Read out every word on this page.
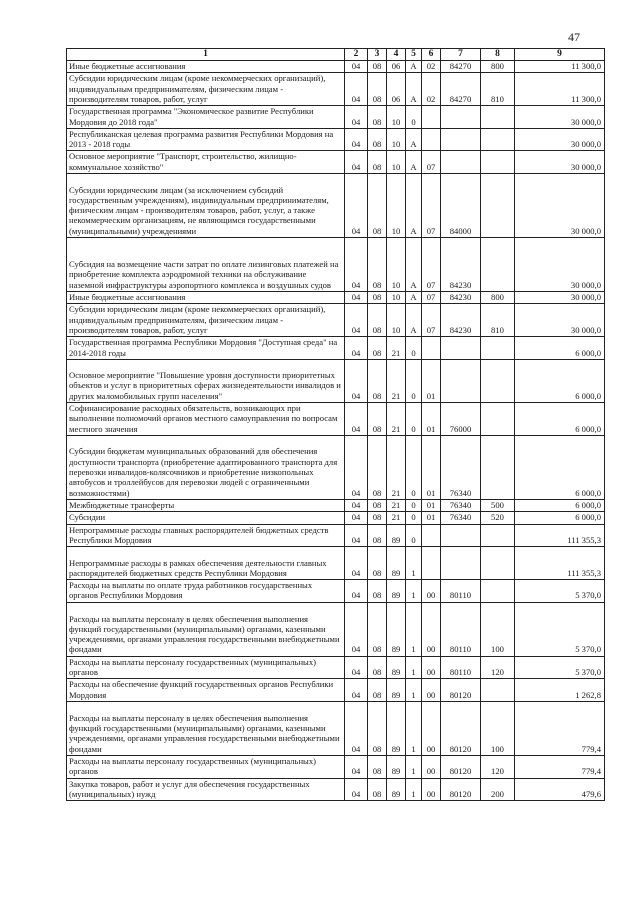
47
1	2	3	4	5	6	7	8	9
Иные бюджетные ассигнования	04	08	06	А	02	84270	800	11 300,0
Субсидии юридическим лицам (кроме некоммерческих организаций), индивидуальным предпринимателям, физическим лицам - производителям товаров, работ, услуг	04	08	06	А	02	84270	810	11 300,0
Государственная программа "Экономическое развитие Республики Мордовия до 2018 года"	04	08	10	0				30 000,0
Республиканская целевая программа развития Республики Мордовия на 2013 - 2018 годы	04	08	10	А				30 000,0
Основное мероприятие "Транспорт, строительство, жилищно-коммунальное хозяйство"	04	08	10	А	07			30 000,0
Субсидии юридическим лицам (за исключением субсидий государственным учреждениям), индивидуальным предпринимателям, физическим лицам - производителям товаров, работ, услуг, а также некоммерческим организациям, не являющимся государственными (муниципальными) учреждениями	04	08	10	А	07	84000		30 000,0
Субсидия на возмещение части затрат по оплате лизинговых платежей на приобретение комплекта аэродромной техники на обслуживание наземной инфраструктуры аэропортного комплекса и воздушных судов	04	08	10	А	07	84230		30 000,0
Иные бюджетные ассигнования	04	08	10	А	07	84230	800	30 000,0
Субсидии юридическим лицам (кроме некоммерческих организаций), индивидуальным предпринимателям, физическим лицам - производителям товаров, работ, услуг	04	08	10	А	07	84230	810	30 000,0
Государственная программа Республики Мордовия "Доступная среда" на 2014-2018 годы	04	08	21	0				6 000,0
Основное мероприятие "Повышение уровня доступности приоритетных объектов и услуг в приоритетных сферах жизнедеятельности инвалидов и других маломобильных групп населения"	04	08	21	0	01			6 000,0
Софинансирование расходных обязательств, возникающих при выполнении полномочий органов местного самоуправления по вопросам местного значения	04	08	21	0	01	76000		6 000,0
Субсидии бюджетам муниципальных образований для обеспечения доступности транспорта (приобретение адаптированного транспорта для перевозки инвалидов-колясочников и приобретение низкопольных автобусов и троллейбусов для перевозки людей с ограниченными возможностями)	04	08	21	0	01	76340		6 000,0
Межбюджетные трансферты	04	08	21	0	01	76340	500	6 000,0
Субсидии	04	08	21	0	01	76340	520	6 000,0
Непрограммные расходы главных распорядителей бюджетных средств Республики Мордовия	04	08	89	0				111 355,3
Непрограммные расходы в рамках обеспечения деятельности главных распорядителей бюджетных средств Республики Мордовия	04	08	89	1				111 355,3
Расходы на выплаты по оплате труда работников государственных органов Республики Мордовия	04	08	89	1	00	80110		5 370,0
Расходы на выплаты персоналу в целях обеспечения выполнения функций государственными (муниципальными) органами, казенными учреждениями, органами управления государственными внебюджетными фондами	04	08	89	1	00	80110	100	5 370,0
Расходы на выплаты персоналу государственных (муниципальных) органов	04	08	89	1	00	80110	120	5 370,0
Расходы на обеспечение функций государственных органов Республики Мордовия	04	08	89	1	00	80120		1 262,8
Расходы на выплаты персоналу в целях обеспечения выполнения функций государственными (муниципальными) органами, казенными учреждениями, органами управления государственными внебюджетными фондами	04	08	89	1	00	80120	100	779,4
Расходы на выплаты персоналу государственных (муниципальных) органов	04	08	89	1	00	80120	120	779,4
Закупка товаров, работ и услуг для обеспечения государственных (муниципальных) нужд	04	08	89	1	00	80120	200	479,6
